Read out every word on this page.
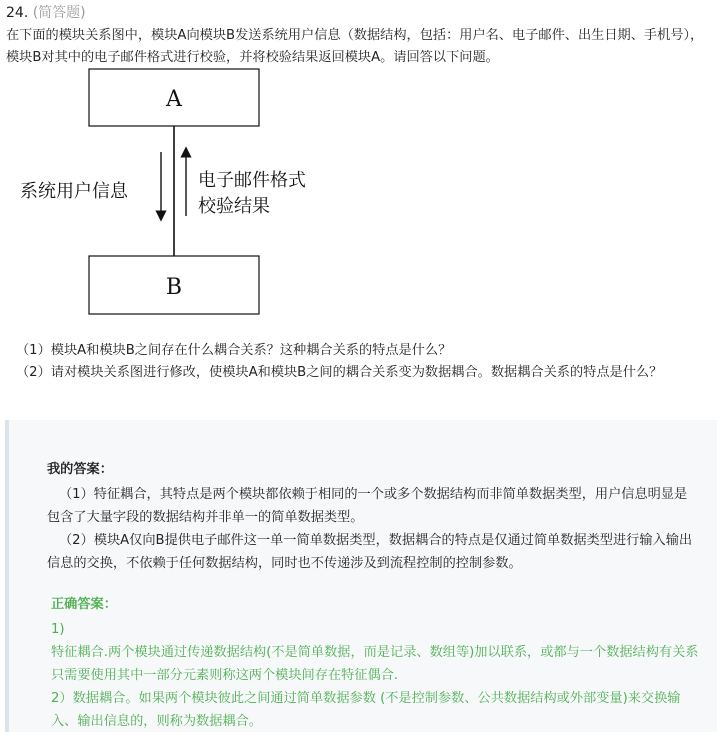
24. (简答题)
在下面的模块关系图中，模块A向模块B发送系统用户信息（数据结构，包括：用户名、电子邮件、出生日期、手机号），模块B对其中的电子邮件格式进行校验，并将校验结果返回模块A。请回答以下问题。
A
B
系统用户信息
电子邮件格式
校验结果
（1）模块A和模块B之间存在什么耦合关系？这种耦合关系的特点是什么？
（2）请对模块关系图进行修改，使模块A和模块B之间的耦合关系变为数据耦合。数据耦合关系的特点是什么？
我的答案：
（1）特征耦合，其特点是两个模块都依赖于相同的一个或多个数据结构而非简单数据类型，用户信息明显是包含了大量字段的数据结构并非单一的简单数据类型。
（2）模块A仅向B提供电子邮件这一单一简单数据类型，数据耦合的特点是仅通过简单数据类型进行输入输出信息的交换，不依赖于任何数据结构，同时也不传递涉及到流程控制的控制参数。
正确答案：
1)
特征耦合.两个模块通过传递数据结构(不是简单数据，而是记录、数组等)加以联系，或都与一个数据结构有关系只需要使用其中一部分元素则称这两个模块间存在特征偶合.
2）数据耦合。如果两个模块彼此之间通过简单数据参数 (不是控制参数、公共数据结构或外部变量)来交换输入、输出信息的，则称为数据耦合。
